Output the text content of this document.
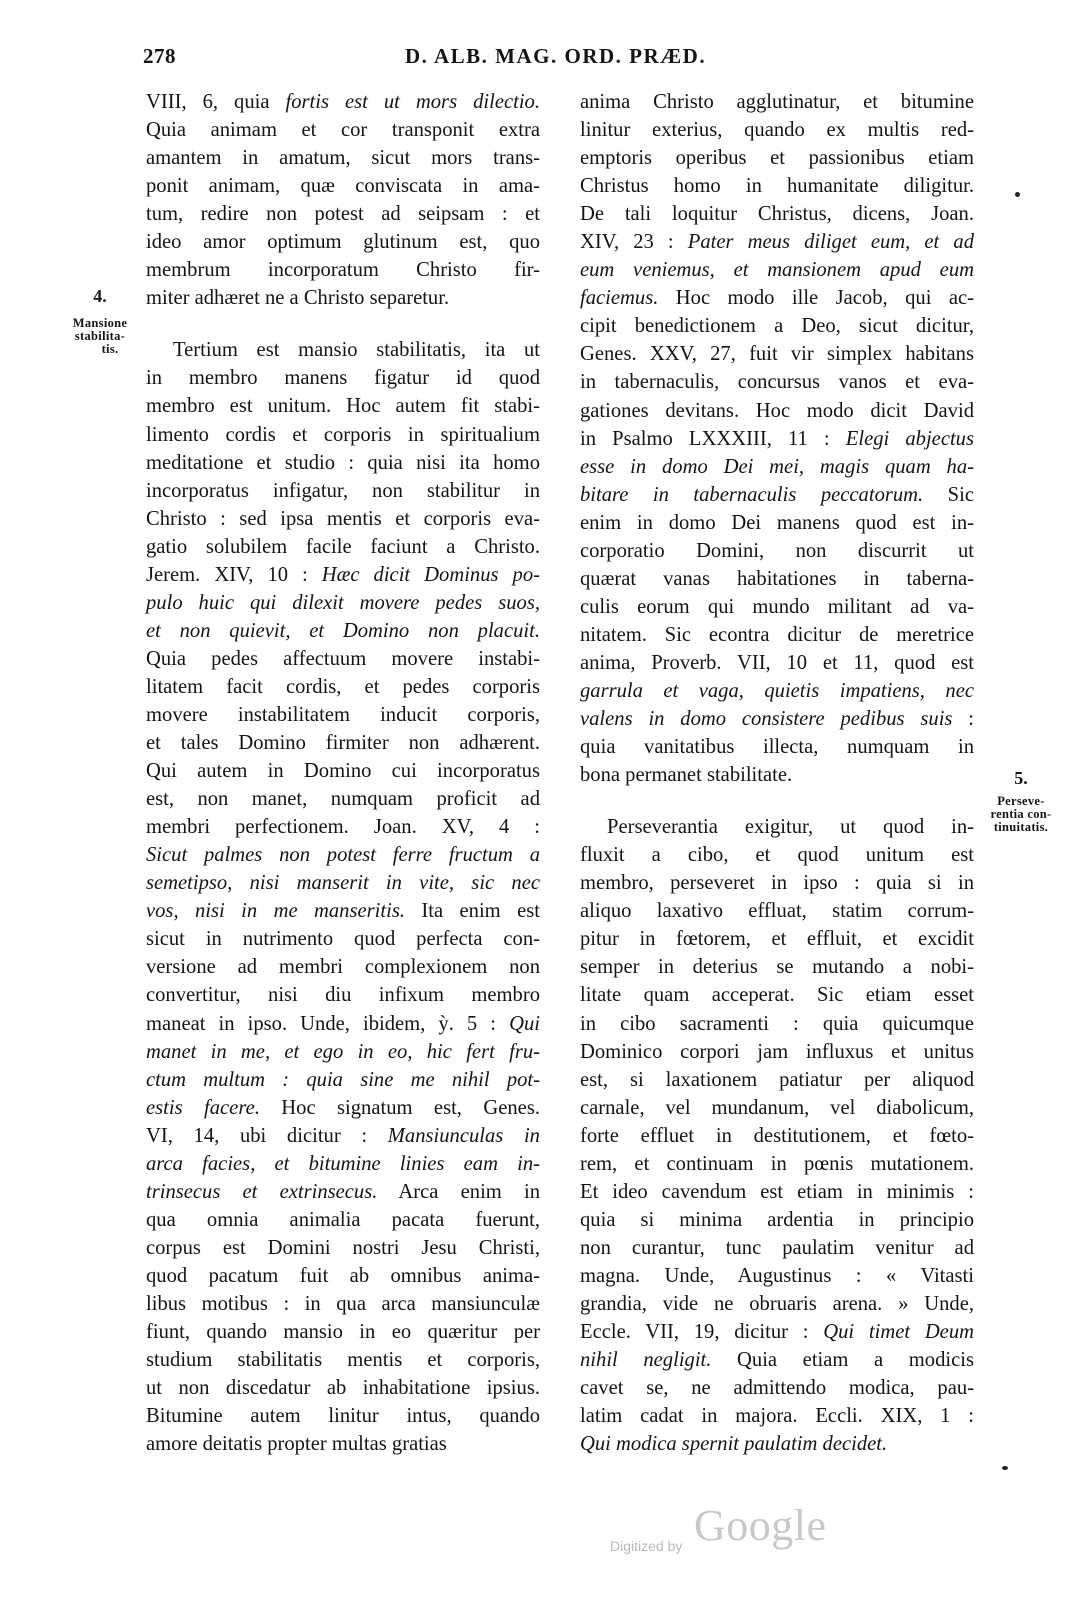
278	D. ALB. MAG. ORD. PRÆD.
4.
Mansione
stabilita-
tis.
5.
Perseve-
rentia con-
tinuitatis.
VIII, 6, quia fortis est ut mors dilectio.
Quia animam et cor transponit extra
amantem in amatum, sicut mors trans-
ponit animam, quæ conviscata in ama-
tum, redire non potest ad seipsam : et
ideo amor optimum glutinum est, quo
membrum incorporatum Christo fir-
miter adhæret ne a Christo separetur.
Tertium est mansio stabilitatis, ita ut
in membro manens figatur id quod
membro est unitum. Hoc autem fit stabi-
limento cordis et corporis in spiritualium
meditatione et studio : quia nisi ita homo
incorporatus infigatur, non stabilitur in
Christo : sed ipsa mentis et corporis eva-
gatio solubilem facile faciunt a Christo.
Jerem. XIV, 10 : Hæc dicit Dominus po-
pulo huic qui dilexit movere pedes suos,
et non quievit, et Domino non placuit.
Quia pedes affectuum movere instabi-
litatem facit cordis, et pedes corporis
movere instabilitatem inducit corporis,
et tales Domino firmiter non adhærent.
Qui autem in Domino cui incorporatus
est, non manet, numquam proficit ad
membri perfectionem. Joan. XV, 4 :
Sicut palmes non potest ferre fructum a
semetipso, nisi manserit in vite, sic nec
vos, nisi in me manseritis. Ita enim est
sicut in nutrimento quod perfecta con-
versione ad membri complexionem non
convertitur, nisi diu infixum membro
maneat in ipso. Unde, ibidem, ỳ. 5 : Qui
manet in me, et ego in eo, hic fert fru-
ctum multum : quia sine me nihil pot-
estis facere. Hoc signatum est, Genes.
VI, 14, ubi dicitur : Mansiunculas in
arca facies, et bitumine linies eam in-
trinsecus et extrinsecus. Arca enim in
qua omnia animalia pacata fuerunt,
corpus est Domini nostri Jesu Christi,
quod pacatum fuit ab omnibus anima-
libus motibus : in qua arca mansiunculæ
fiunt, quando mansio in eo quæritur per
studium stabilitatis mentis et corporis,
ut non discedatur ab inhabitatione ipsius.
Bitumine autem linitur intus, quando
amore deitatis propter multas gratias
anima Christo agglutinatur, et bitumine
linitur exterius, quando ex multis red-
emptoris operibus et passionibus etiam
Christus homo in humanitate diligitur.
De tali loquitur Christus, dicens, Joan.
XIV, 23 : Pater meus diliget eum, et ad
eum veniemus, et mansionem apud eum
faciemus. Hoc modo ille Jacob, qui ac-
cipit benedictionem a Deo, sicut dicitur,
Genes. XXV, 27, fuit vir simplex habitans
in tabernaculis, concursus vanos et eva-
gationes devitans. Hoc modo dicit David
in Psalmo LXXXIII, 11 : Elegi abjectus
esse in domo Dei mei, magis quam ha-
bitare in tabernaculis peccatorum. Sic
enim in domo Dei manens quod est in-
corporatio Domini, non discurrit ut
quærat vanas habitationes in taberna-
culis eorum qui mundo militant ad va-
nitatem. Sic econtra dicitur de meretrice
anima, Proverb. VII, 10 et 11, quod est
garrula et vaga, quietis impatiens, nec
valens in domo consistere pedibus suis :
quia vanitatibus illecta, numquam in
bona permanet stabilitate.
Perseverantia exigitur, ut quod in-
fluxit a cibo, et quod unitum est
membro, perseveret in ipso : quia si in
aliquo laxativo effluat, statim corrum-
pitur in fœtorem, et effluit, et excidit
semper in deterius se mutando a nobi-
litate quam acceperat. Sic etiam esset
in cibo sacramenti : quia quicumque
Dominico corpori jam influxus et unitus
est, si laxationem patiatur per aliquod
carnale, vel mundanum, vel diabolicum,
forte effluet in destitutionem, et fœto-
rem, et continuam in pœnis mutationem.
Et ideo cavendum est etiam in minimis :
quia si minima ardentia in principio
non curantur, tunc paulatim venitur ad
magna. Unde, Augustinus : « Vitasti
grandia, vide ne obruaris arena. » Unde,
Eccle. VII, 19, dicitur : Qui timet Deum
nihil negligit. Quia etiam a modicis
cavet se, ne admittendo modica, pau-
latim cadat in majora. Eccli. XIX, 1 :
Qui modica spernit paulatim decidet.
Digitized by Google
